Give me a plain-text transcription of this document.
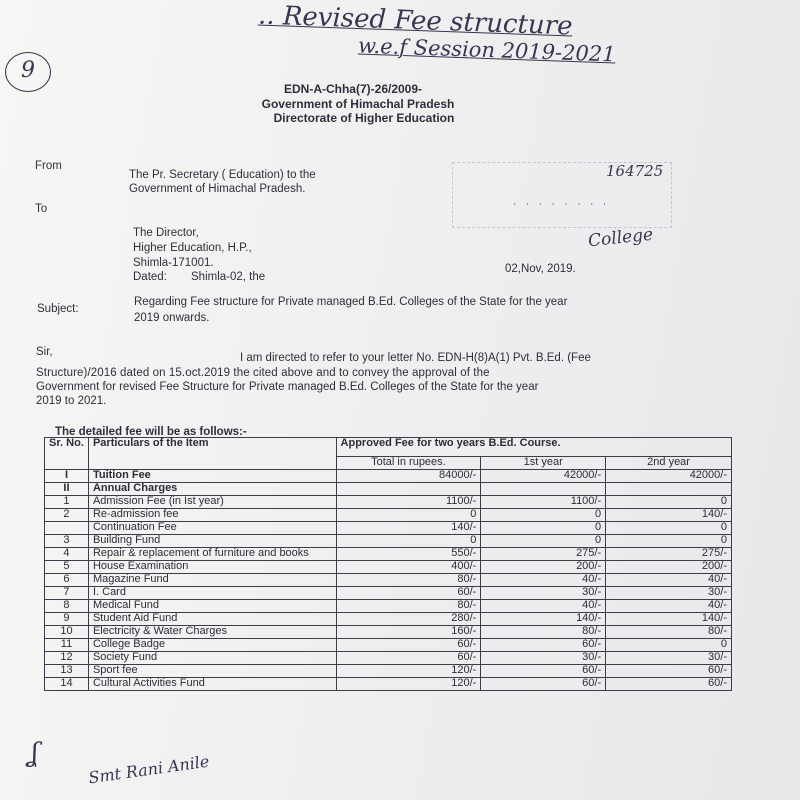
9
.. Revised Fee structure
w.e.f Session 2019-2021
EDN-A-Chha(7)-26/2009-
Government of Himachal Pradesh
Directorate of Higher Education
From
The Pr. Secretary ( Education) to the
Government of Himachal Pradesh.
164725
· · · · · · · ·
College
To
The Director,
Higher Education, H.P.,
Shimla-171001.
Dated: Shimla-02, the
02,Nov, 2019.
Subject:
Regarding Fee structure for Private managed B.Ed. Colleges of the State for the year
2019 onwards.
Sir,	I am directed to refer to your letter No. EDN-H(8)A(1) Pvt. B.Ed. (Fee
Structure)/2016 dated on 15.oct.2019 the cited above and to convey the approval of the
Government for revised Fee Structure for Private managed B.Ed. Colleges of the State for the year
2019 to 2021.
The detailed fee will be as follows:-
Sr. No.	Particulars of the Item	Approved Fee for two years B.Ed. Course.		
		Total in rupees.	1st year	2nd year
I	Tuition Fee	84000/-	42000/-	42000/-
II	Annual Charges			
1	Admission Fee (in Ist year)	1100/-	1100/-	0
2	Re-admission fee	0	0	140/-
	Continuation Fee	140/-	0	0
3	Building Fund	0	0	0
4	Repair & replacement of furniture and books	550/-	275/-	275/-
5	House Examination	400/-	200/-	200/-
6	Magazine Fund	80/-	40/-	40/-
7	I. Card	60/-	30/-	30/-
8	Medical Fund	80/-	40/-	40/-
9	Student Aid Fund	280/-	140/-	140/-
10	Electricity & Water Charges	160/-	80/-	80/-
11	College Badge	60/-	60/-	0
12	Society Fund	60/-	30/-	30/-
13	Sport fee	120/-	60/-	60/-
14	Cultural Activities Fund	120/-	60/-	60/-
ʆ	Smt Rani Anile
